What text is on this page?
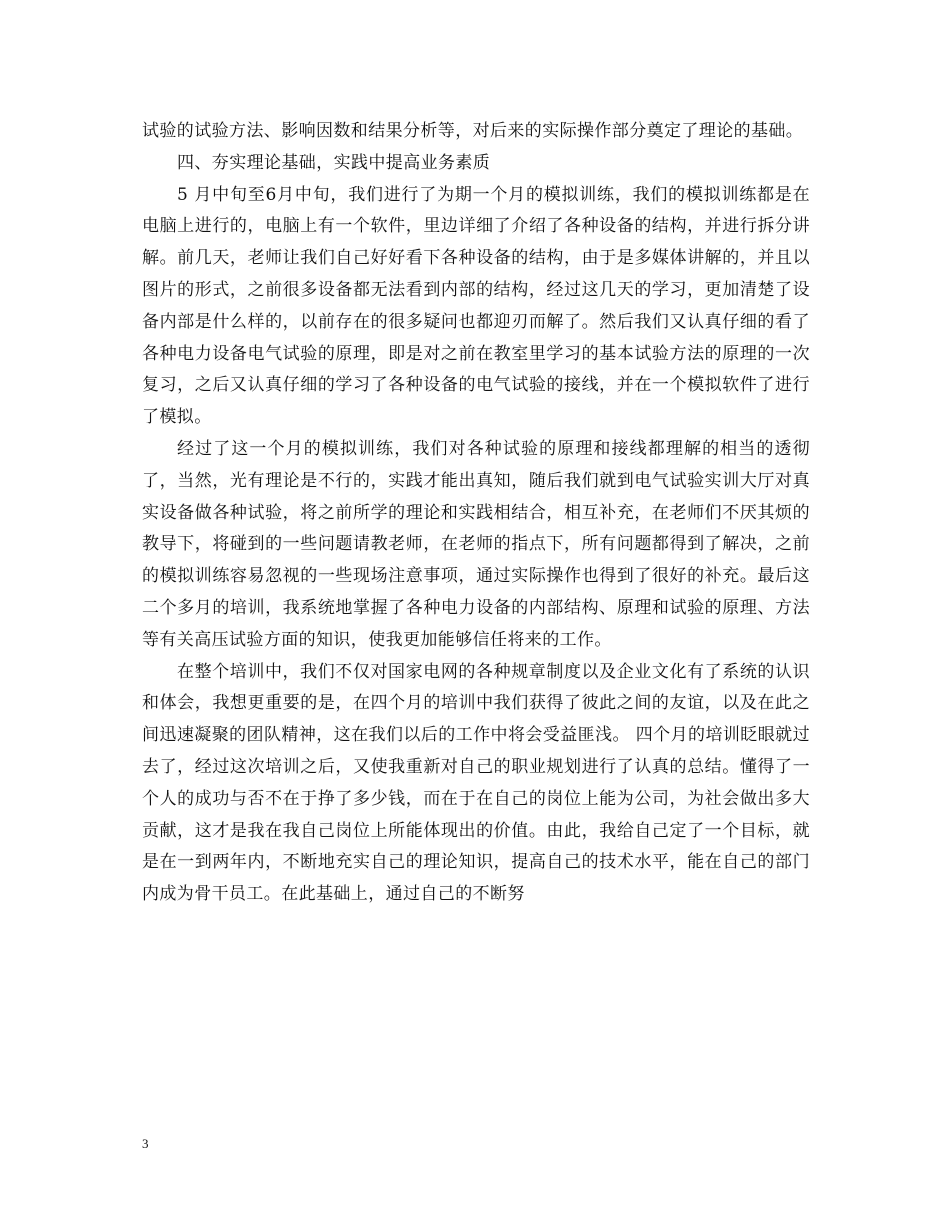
试验的试验方法、影响因数和结果分析等，对后来的实际操作部分奠定了理论的基础。

四、夯实理论基础，实践中提高业务素质

5 月中旬至6月中旬，我们进行了为期一个月的模拟训练，我们的模拟训练都是在电脑上进行的，电脑上有一个软件，里边详细了介绍了各种设备的结构，并进行拆分讲解。前几天，老师让我们自己好好看下各种设备的结构，由于是多媒体讲解的，并且以图片的形式，之前很多设备都无法看到内部的结构，经过这几天的学习，更加清楚了设备内部是什么样的，以前存在的很多疑问也都迎刃而解了。然后我们又认真仔细的看了各种电力设备电气试验的原理，即是对之前在教室里学习的基本试验方法的原理的一次复习，之后又认真仔细的学习了各种设备的电气试验的接线，并在一个模拟软件了进行了模拟。

经过了这一个月的模拟训练，我们对各种试验的原理和接线都理解的相当的透彻了，当然，光有理论是不行的，实践才能出真知，随后我们就到电气试验实训大厅对真实设备做各种试验，将之前所学的理论和实践相结合，相互补充，在老师们不厌其烦的教导下，将碰到的一些问题请教老师，在老师的指点下，所有问题都得到了解决，之前的模拟训练容易忽视的一些现场注意事项，通过实际操作也得到了很好的补充。最后这二个多月的培训，我系统地掌握了各种电力设备的内部结构、原理和试验的原理、方法等有关高压试验方面的知识，使我更加能够信任将来的工作。

在整个培训中，我们不仅对国家电网的各种规章制度以及企业文化有了系统的认识和体会，我想更重要的是，在四个月的培训中我们获得了彼此之间的友谊，以及在此之间迅速凝聚的团队精神，这在我们以后的工作中将会受益匪浅。 四个月的培训眨眼就过去了，经过这次培训之后，又使我重新对自己的职业规划进行了认真的总结。懂得了一个人的成功与否不在于挣了多少钱，而在于在自己的岗位上能为公司，为社会做出多大贡献，这才是我在我自己岗位上所能体现出的价值。由此，我给自己定了一个目标，就是在一到两年内，不断地充实自己的理论知识，提高自己的技术水平，能在自己的部门内成为骨干员工。在此基础上，通过自己的不断努

3
